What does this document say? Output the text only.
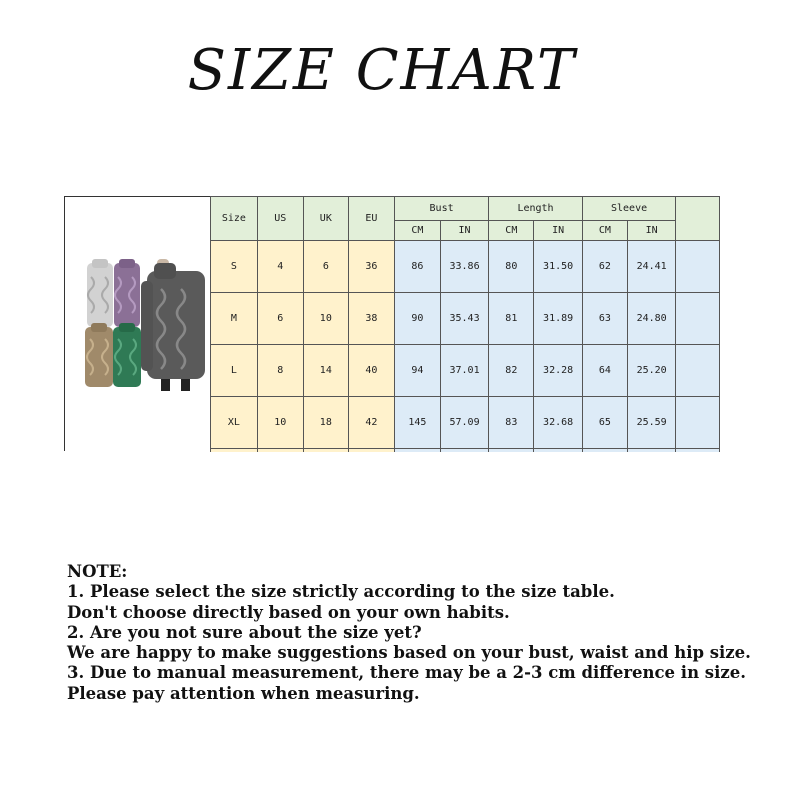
SIZE CHART
Size	US	UK	EU	Bust		Length		Sleeve		
				CM	IN	CM	IN	CM	IN	
S	4	6	36	86	33.86	80	31.50	62	24.41	
M	6	10	38	90	35.43	81	31.89	63	24.80	
L	8	14	40	94	37.01	82	32.28	64	25.20	
XL	10	18	42	145	57.09	83	32.68	65	25.59	

NOTE:
1. Please select the size strictly according to the size table.
Don't choose directly based on your own habits.
2. Are you not sure about the size yet?
We are happy to make suggestions based on your bust, waist and hip size.
3. Due to manual measurement, there may be a 2-3 cm difference in size.
Please pay attention when measuring.
